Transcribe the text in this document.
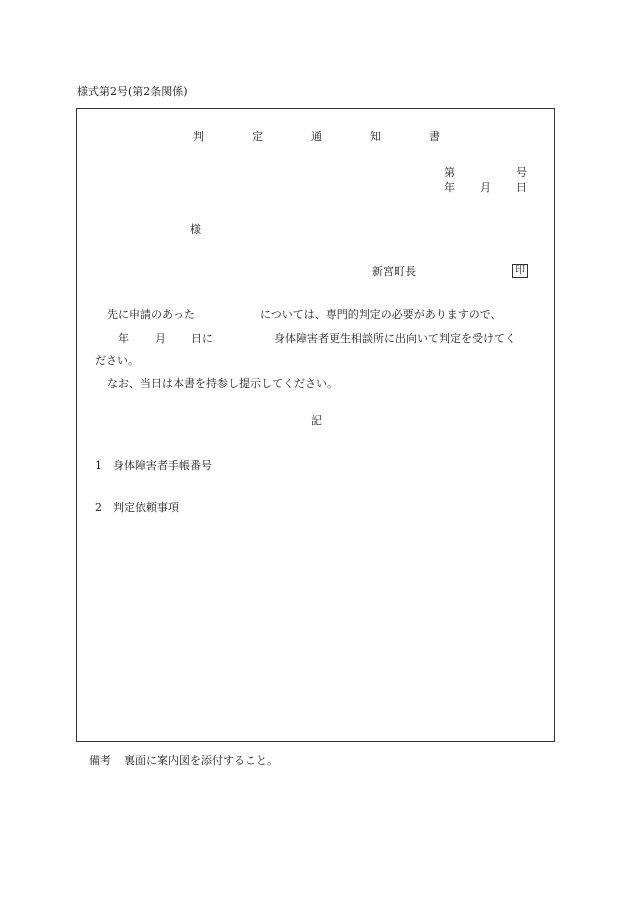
様式第2号(第2条関係)
判	定	通	知	書
第	号
年 月 日
様
新宮町長	印
先に申請のあった	については、専門的判定の必要がありますので、
年 月 日に	身体障害者更生相談所に出向いて判定を受けてく
ださい。
なお、当日は本書を持参し提示してください。
記
1 身体障害者手帳番号
2 判定依頼事項
備考 裏面に案内図を添付すること。
